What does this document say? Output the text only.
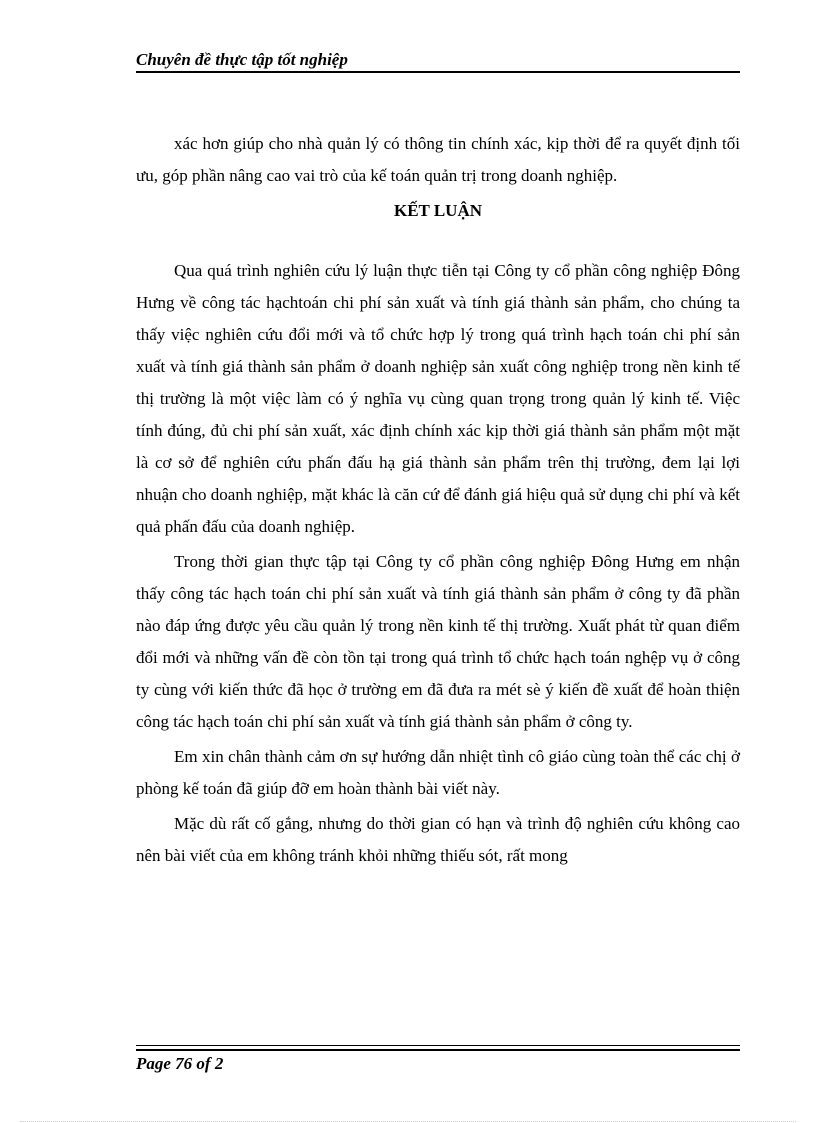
Chuyên đề thực tập tốt nghiệp

xác hơn giúp cho nhà quản lý có thông tin chính xác, kịp thời để ra quyết định tối ưu, góp phần nâng cao vai trò của kế toán quản trị trong doanh nghiệp.

KẾT LUẬN

Qua quá trình nghiên cứu lý luận thực tiễn tại Công ty cổ phần công nghiệp Đông Hưng về công tác hạchtoán chi phí sản xuất và tính giá thành sản phẩm, cho chúng ta thấy việc nghiên cứu đổi mới và tổ chức hợp lý trong quá trình hạch toán chi phí sản xuất và tính giá thành sản phẩm ở doanh nghiệp sản xuất công nghiệp trong nền kinh tế thị trường là một việc làm có ý nghĩa vụ cùng quan trọng trong quản lý kinh tế. Việc tính đúng, đủ chi phí sản xuất, xác định chính xác kịp thời giá thành sản phẩm một mặt là cơ sở để nghiên cứu phấn đấu hạ giá thành sản phẩm trên thị trường, đem lại lợi nhuận cho doanh nghiệp, mặt khác là căn cứ để đánh giá hiệu quả sử dụng chi phí và kết quả phấn đấu của doanh nghiệp.

Trong thời gian thực tập tại Công ty cổ phần công nghiệp Đông Hưng em nhận thấy công tác hạch toán chi phí sản xuất và tính giá thành sản phẩm ở công ty đã phần nào đáp ứng được yêu cầu quản lý trong nền kinh tế thị trường. Xuất phát từ quan điểm đổi mới và những vấn đề còn tồn tại trong quá trình tổ chức hạch toán nghệp vụ ở công ty cùng với kiến thức đã học ở trường em đã đưa ra mét sè ý kiến đề xuất để hoàn thiện công tác hạch toán chi phí sản xuất và tính giá thành sản phẩm ở công ty.

Em xin chân thành cảm ơn sự hướng dẫn nhiệt tình cô giáo cùng toàn thể các chị ở phòng kế toán đã giúp đỡ em hoàn thành bài viết này.

Mặc dù rất cố gắng, nhưng do thời gian có hạn và trình độ nghiên cứu không cao nên bài viết của em không tránh khỏi những thiếu sót, rất mong

Page 76 of 2
